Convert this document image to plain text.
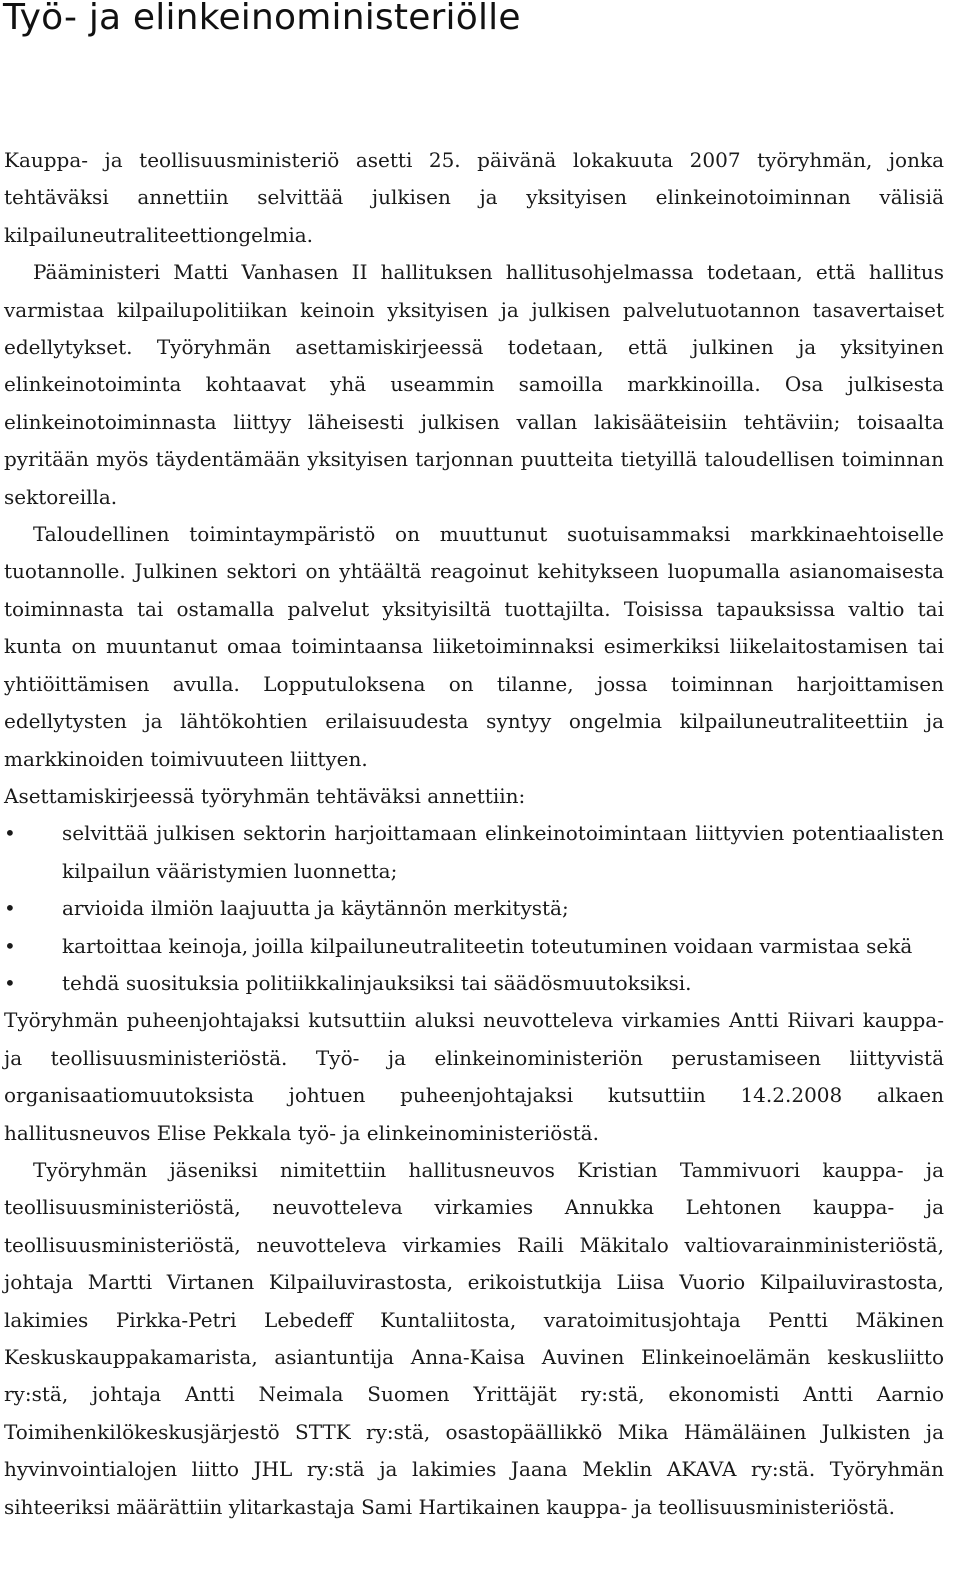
Työ- ja elinkeinoministeriölle

Kauppa- ja teollisuusministeriö asetti 25. päivänä lokakuuta 2007 työryhmän, jonka tehtäväksi annettiin selvittää julkisen ja yksityisen elinkeinotoiminnan välisiä kilpailuneutraliteettiongelmia.

Pääministeri Matti Vanhasen II hallituksen hallitusohjelmassa todetaan, että hallitus varmistaa kilpailupolitiikan keinoin yksityisen ja julkisen palvelutuotannon tasavertaiset edellytykset. Työryhmän asettamiskirjeessä todetaan, että julkinen ja yksityinen elinkeinotoiminta kohtaavat yhä useammin samoilla markkinoilla. Osa julkisesta elinkeinotoiminnasta liittyy läheisesti julkisen vallan lakisääteisiin tehtäviin; toisaalta pyritään myös täydentämään yksityisen tarjonnan puutteita tietyillä taloudellisen toiminnan sektoreilla.

Taloudellinen toimintaympäristö on muuttunut suotuisammaksi markkinaehtoiselle tuotannolle. Julkinen sektori on yhtäältä reagoinut kehitykseen luopumalla asianomaisesta toiminnasta tai ostamalla palvelut yksityisiltä tuottajilta. Toisissa tapauksissa valtio tai kunta on muuntanut omaa toimintaansa liiketoiminnaksi esimerkiksi liikelaitostamisen tai yhtiöittämisen avulla. Lopputuloksena on tilanne, jossa toiminnan harjoittamisen edellytysten ja lähtökohtien erilaisuudesta syntyy ongelmia kilpailuneutraliteettiin ja markkinoiden toimivuuteen liittyen.

Asettamiskirjeessä työryhmän tehtäväksi annettiin:

•	selvittää julkisen sektorin harjoittamaan elinkeinotoimintaan liittyvien potentiaalisten kilpailun vääristymien luonnetta;
•	arvioida ilmiön laajuutta ja käytännön merkitystä;
•	kartoittaa keinoja, joilla kilpailuneutraliteetin toteutuminen voidaan varmistaa sekä
•	tehdä suosituksia politiikkalinjauksiksi tai säädösmuutoksiksi.

Työryhmän puheenjohtajaksi kutsuttiin aluksi neuvotteleva virkamies Antti Riivari kauppa- ja teollisuusministeriöstä. Työ- ja elinkeinoministeriön perustamiseen liittyvistä organisaatiomuutoksista johtuen puheenjohtajaksi kutsuttiin 14.2.2008 alkaen hallitusneuvos Elise Pekkala työ- ja elinkeinoministeriöstä.

Työryhmän jäseniksi nimitettiin hallitusneuvos Kristian Tammivuori kauppa- ja teollisuusministeriöstä, neuvotteleva virkamies Annukka Lehtonen kauppa- ja teollisuusministeriöstä, neuvotteleva virkamies Raili Mäkitalo valtiovarainministeriöstä, johtaja Martti Virtanen Kilpailuvirastosta, erikoistutkija Liisa Vuorio Kilpailuvirastosta, lakimies Pirkka-Petri Lebedeff Kuntaliitosta, varatoimitusjohtaja Pentti Mäkinen Keskuskauppakamarista, asiantuntija Anna-Kaisa Auvinen Elinkeinoelämän keskusliitto ry:stä, johtaja Antti Neimala Suomen Yrittäjät ry:stä, ekonomisti Antti Aarnio Toimihenkilökeskusjärjestö STTK ry:stä, osastopäällikkö Mika Hämäläinen Julkisten ja hyvinvointialojen liitto JHL ry:stä ja lakimies Jaana Meklin AKAVA ry:stä. Työryhmän sihteeriksi määrättiin ylitarkastaja Sami Hartikainen kauppa- ja teollisuusministeriöstä.
